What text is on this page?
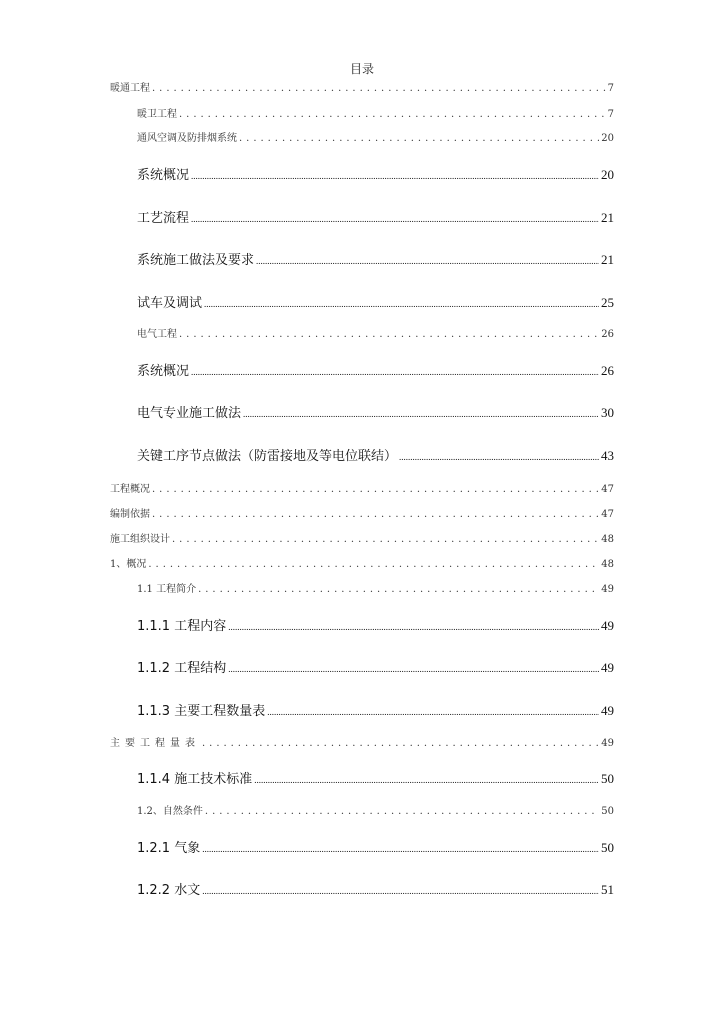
目录
暖通工程 . . .	7
暖卫工程 . . .	7
通风空调及防排烟系统 . . .	20
系统概况 .....	20
工艺流程 .....	21
系统施工做法及要求 .....	21
试车及调试 .....	25
电气工程 . . .	26
系统概况 .....	26
电气专业施工做法 .....	30
关键工序节点做法（防雷接地及等电位联结） .....	43
工程概况 . . .	47
编制依据 . . .	47
施工组织设计 . . .	48
1、概况 . . .	48
1.1 工程简介 . . .	49
1.1.1 工程内容 .....	49
1.1.2 工程结构 .....	49
1.1.3 主要工程数量表 .....	49
主要工程量表 . . .	49
1.1.4 施工技术标准 .....	50
1.2、自然条件 . . .	50
1.2.1 气象 .....	50
1.2.2 水文 .....	51
